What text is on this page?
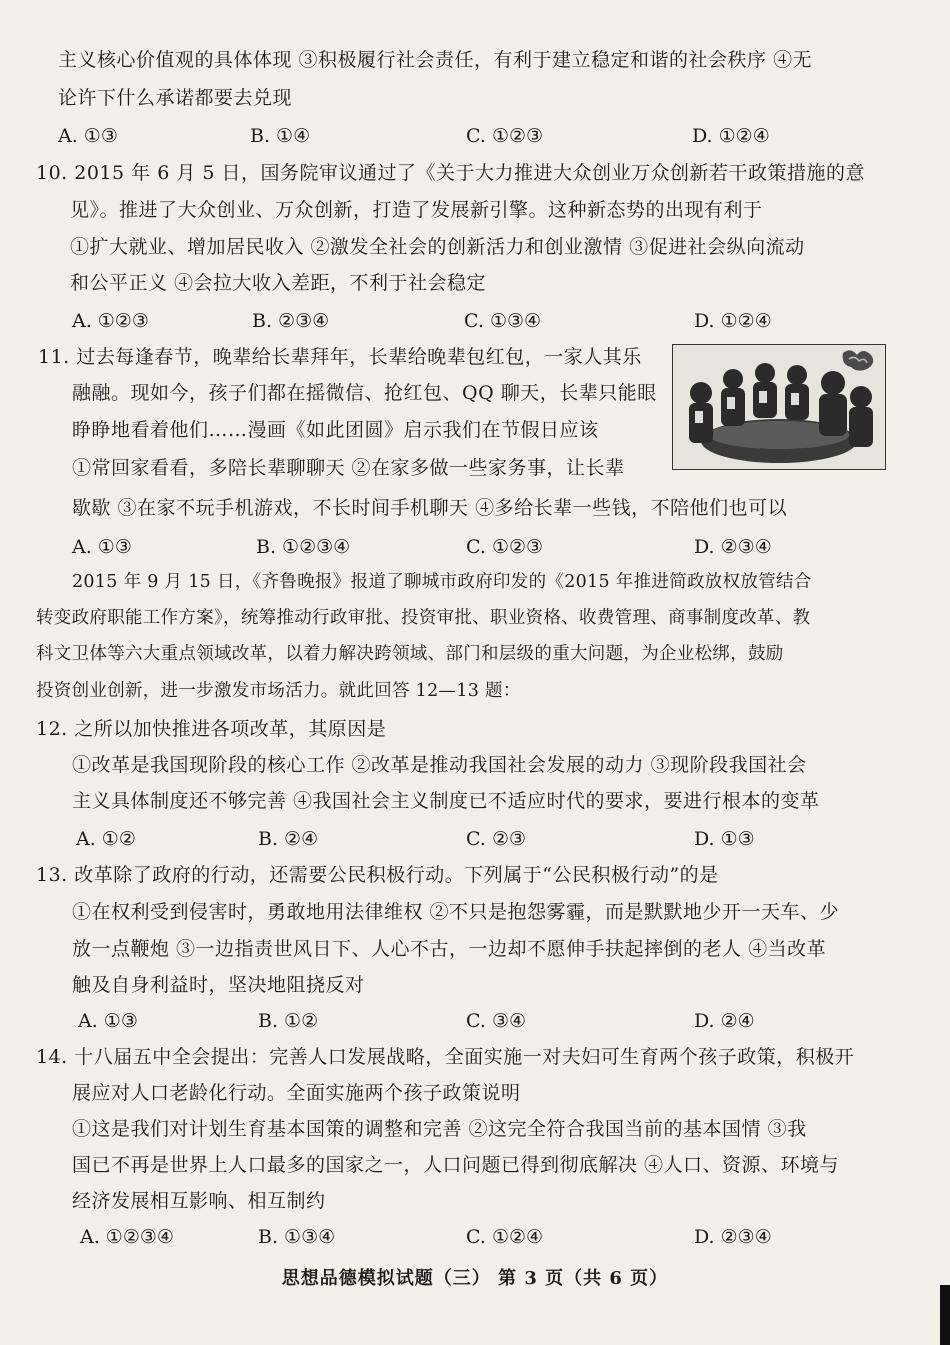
主义核心价值观的具体体现 ③积极履行社会责任，有利于建立稳定和谐的社会秩序 ④无
论许下什么承诺都要去兑现
A. ①③	B. ①④	C. ①②③	D. ①②④
10. 2015 年 6 月 5 日，国务院审议通过了《关于大力推进大众创业万众创新若干政策措施的意
见》。推进了大众创业、万众创新，打造了发展新引擎。这种新态势的出现有利于
①扩大就业、增加居民收入 ②激发全社会的创新活力和创业激情 ③促进社会纵向流动
和公平正义 ④会拉大收入差距，不利于社会稳定
A. ①②③	B. ②③④	C. ①③④	D. ①②④
11. 过去每逢春节，晚辈给长辈拜年，长辈给晚辈包红包，一家人其乐
融融。现如今，孩子们都在摇微信、抢红包、QQ 聊天，长辈只能眼
睁睁地看着他们……漫画《如此团圆》启示我们在节假日应该
①常回家看看，多陪长辈聊聊天 ②在家多做一些家务事，让长辈
歇歇 ③在家不玩手机游戏，不长时间手机聊天 ④多给长辈一些钱，不陪他们也可以
A. ①③	B. ①②③④	C. ①②③	D. ②③④
2015 年 9 月 15 日，《齐鲁晚报》报道了聊城市政府印发的《2015 年推进简政放权放管结合
转变政府职能工作方案》，统筹推动行政审批、投资审批、职业资格、收费管理、商事制度改革、教
科文卫体等六大重点领域改革，以着力解决跨领域、部门和层级的重大问题，为企业松绑，鼓励
投资创业创新，进一步激发市场活力。就此回答 12—13 题：
12. 之所以加快推进各项改革，其原因是
①改革是我国现阶段的核心工作 ②改革是推动我国社会发展的动力 ③现阶段我国社会
主义具体制度还不够完善 ④我国社会主义制度已不适应时代的要求，要进行根本的变革
A. ①②	B. ②④	C. ②③	D. ①③
13. 改革除了政府的行动，还需要公民积极行动。下列属于“公民积极行动”的是
①在权利受到侵害时，勇敢地用法律维权 ②不只是抱怨雾霾，而是默默地少开一天车、少
放一点鞭炮 ③一边指责世风日下、人心不古，一边却不愿伸手扶起摔倒的老人 ④当改革
触及自身利益时，坚决地阻挠反对
A. ①③	B. ①②	C. ③④	D. ②④
14. 十八届五中全会提出：完善人口发展战略，全面实施一对夫妇可生育两个孩子政策，积极开
展应对人口老龄化行动。全面实施两个孩子政策说明
①这是我们对计划生育基本国策的调整和完善 ②这完全符合我国当前的基本国情 ③我
国已不再是世界上人口最多的国家之一，人口问题已得到彻底解决 ④人口、资源、环境与
经济发展相互影响、相互制约
A. ①②③④	B. ①③④	C. ①②④	D. ②③④
思想品德模拟试题（三） 第 3 页（共 6 页）
